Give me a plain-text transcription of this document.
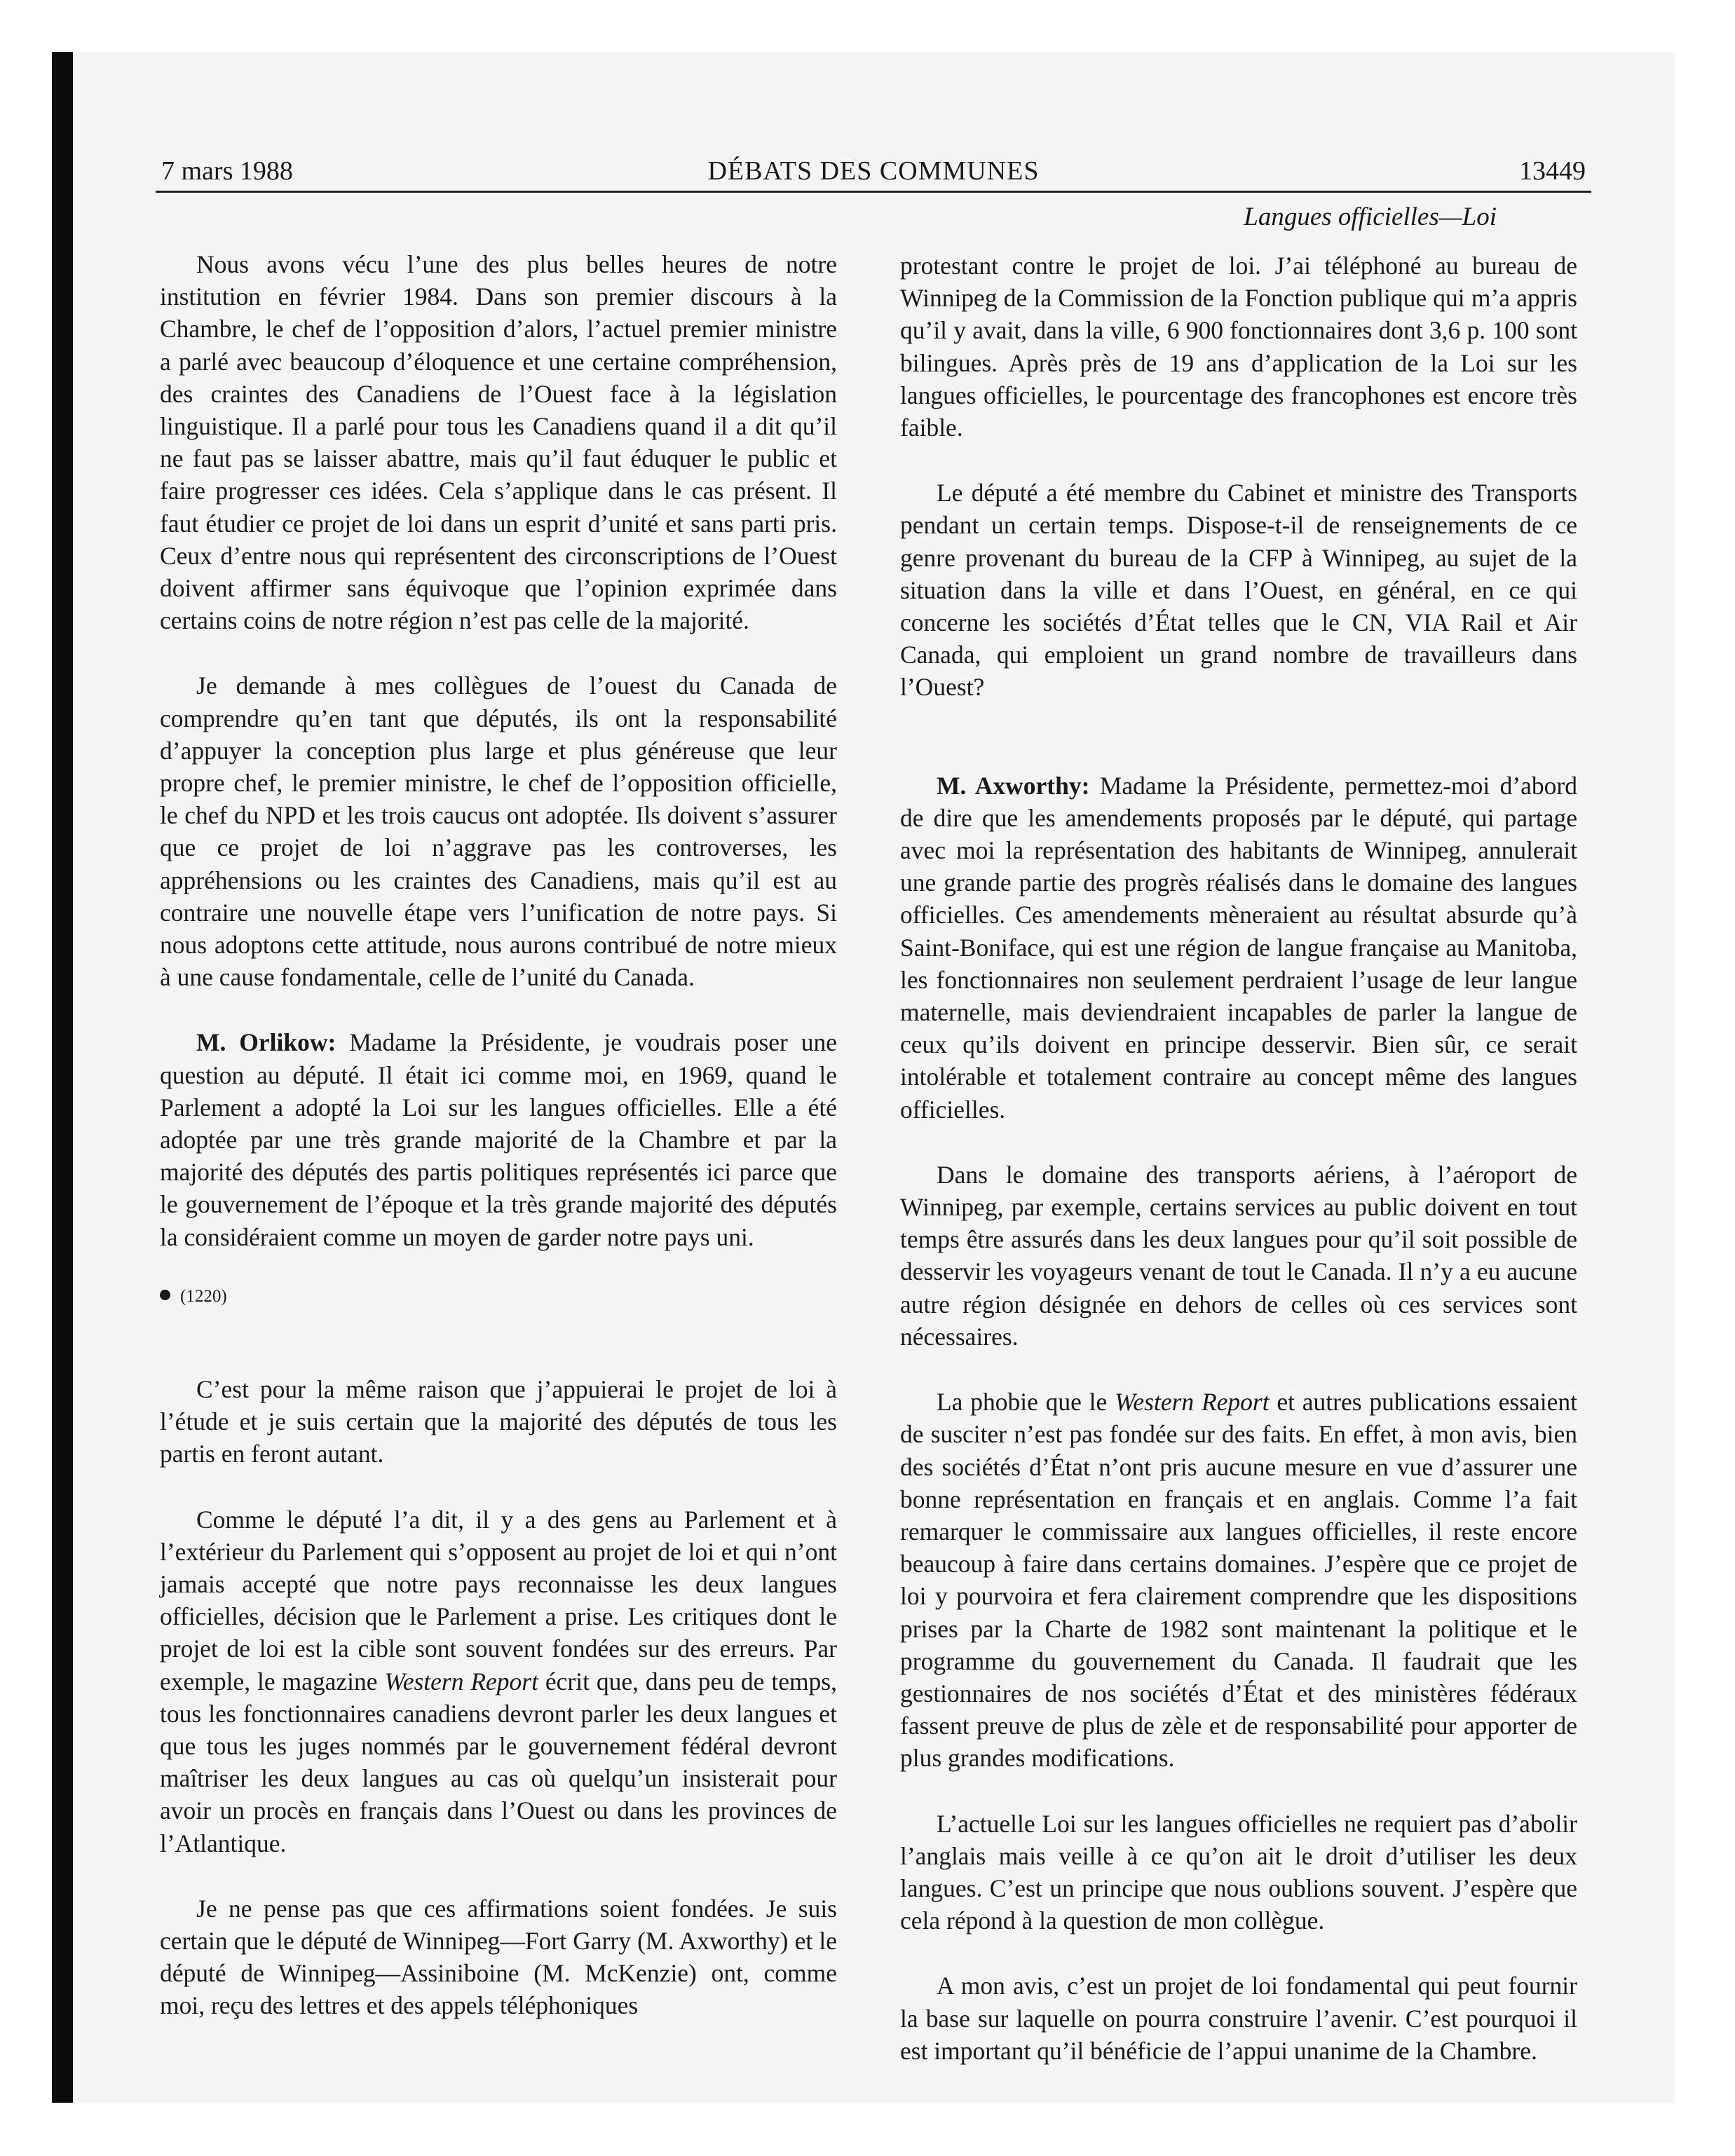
7 mars 1988	DÉBATS DES COMMUNES	13449
Langues officielles—Loi

Nous avons vécu l’une des plus belles heures de notre institution en février 1984. Dans son premier discours à la Chambre, le chef de l’opposition d’alors, l’actuel premier ministre a parlé avec beaucoup d’éloquence et une certaine compréhension, des craintes des Canadiens de l’Ouest face à la législation linguistique. Il a parlé pour tous les Canadiens quand il a dit qu’il ne faut pas se laisser abattre, mais qu’il faut éduquer le public et faire progresser ces idées. Cela s’applique dans le cas présent. Il faut étudier ce projet de loi dans un esprit d’unité et sans parti pris. Ceux d’entre nous qui représentent des circonscriptions de l’Ouest doivent affirmer sans équivoque que l’opinion exprimée dans certains coins de notre région n’est pas celle de la majorité.

Je demande à mes collègues de l’ouest du Canada de comprendre qu’en tant que députés, ils ont la responsabilité d’appuyer la conception plus large et plus généreuse que leur propre chef, le premier ministre, le chef de l’opposition officielle, le chef du NPD et les trois caucus ont adoptée. Ils doivent s’assurer que ce projet de loi n’aggrave pas les controverses, les appréhensions ou les craintes des Canadiens, mais qu’il est au contraire une nouvelle étape vers l’unification de notre pays. Si nous adoptons cette attitude, nous aurons contribué de notre mieux à une cause fondamentale, celle de l’unité du Canada.

M. Orlikow: Madame la Présidente, je voudrais poser une question au député. Il était ici comme moi, en 1969, quand le Parlement a adopté la Loi sur les langues officielles. Elle a été adoptée par une très grande majorité de la Chambre et par la majorité des députés des partis politiques représentés ici parce que le gouvernement de l’époque et la très grande majorité des députés la considéraient comme un moyen de garder notre pays uni.

(1220)

C’est pour la même raison que j’appuierai le projet de loi à l’étude et je suis certain que la majorité des députés de tous les partis en feront autant.

Comme le député l’a dit, il y a des gens au Parlement et à l’extérieur du Parlement qui s’opposent au projet de loi et qui n’ont jamais accepté que notre pays reconnaisse les deux langues officielles, décision que le Parlement a prise. Les critiques dont le projet de loi est la cible sont souvent fondées sur des erreurs. Par exemple, le magazine Western Report écrit que, dans peu de temps, tous les fonctionnaires canadiens devront parler les deux langues et que tous les juges nommés par le gouvernement fédéral devront maîtriser les deux langues au cas où quelqu’un insisterait pour avoir un procès en français dans l’Ouest ou dans les provinces de l’Atlantique.

Je ne pense pas que ces affirmations soient fondées. Je suis certain que le député de Winnipeg—Fort Garry (M. Axworthy) et le député de Winnipeg—Assiniboine (M. McKenzie) ont, comme moi, reçu des lettres et des appels téléphoniques

protestant contre le projet de loi. J’ai téléphoné au bureau de Winnipeg de la Commission de la Fonction publique qui m’a appris qu’il y avait, dans la ville, 6 900 fonctionnaires dont 3,6 p. 100 sont bilingues. Après près de 19 ans d’application de la Loi sur les langues officielles, le pourcentage des francophones est encore très faible.

Le député a été membre du Cabinet et ministre des Transports pendant un certain temps. Dispose-t-il de renseignements de ce genre provenant du bureau de la CFP à Winnipeg, au sujet de la situation dans la ville et dans l’Ouest, en général, en ce qui concerne les sociétés d’État telles que le CN, VIA Rail et Air Canada, qui emploient un grand nombre de travailleurs dans l’Ouest?

M. Axworthy: Madame la Présidente, permettez-moi d’abord de dire que les amendements proposés par le député, qui partage avec moi la représentation des habitants de Winnipeg, annulerait une grande partie des progrès réalisés dans le domaine des langues officielles. Ces amendements mèneraient au résultat absurde qu’à Saint-Boniface, qui est une région de langue française au Manitoba, les fonctionnaires non seulement perdraient l’usage de leur langue maternelle, mais deviendraient incapables de parler la langue de ceux qu’ils doivent en principe desservir. Bien sûr, ce serait intolérable et totalement contraire au concept même des langues officielles.

Dans le domaine des transports aériens, à l’aéroport de Winnipeg, par exemple, certains services au public doivent en tout temps être assurés dans les deux langues pour qu’il soit possible de desservir les voyageurs venant de tout le Canada. Il n’y a eu aucune autre région désignée en dehors de celles où ces services sont nécessaires.

La phobie que le Western Report et autres publications essaient de susciter n’est pas fondée sur des faits. En effet, à mon avis, bien des sociétés d’État n’ont pris aucune mesure en vue d’assurer une bonne représentation en français et en anglais. Comme l’a fait remarquer le commissaire aux langues officielles, il reste encore beaucoup à faire dans certains domaines. J’espère que ce projet de loi y pourvoira et fera clairement comprendre que les dispositions prises par la Charte de 1982 sont maintenant la politique et le programme du gouvernement du Canada. Il faudrait que les gestionnaires de nos sociétés d’État et des ministères fédéraux fassent preuve de plus de zèle et de responsabilité pour apporter de plus grandes modifications.

L’actuelle Loi sur les langues officielles ne requiert pas d’abolir l’anglais mais veille à ce qu’on ait le droit d’utiliser les deux langues. C’est un principe que nous oublions souvent. J’espère que cela répond à la question de mon collègue.

A mon avis, c’est un projet de loi fondamental qui peut fournir la base sur laquelle on pourra construire l’avenir. C’est pourquoi il est important qu’il bénéficie de l’appui unanime de la Chambre.
